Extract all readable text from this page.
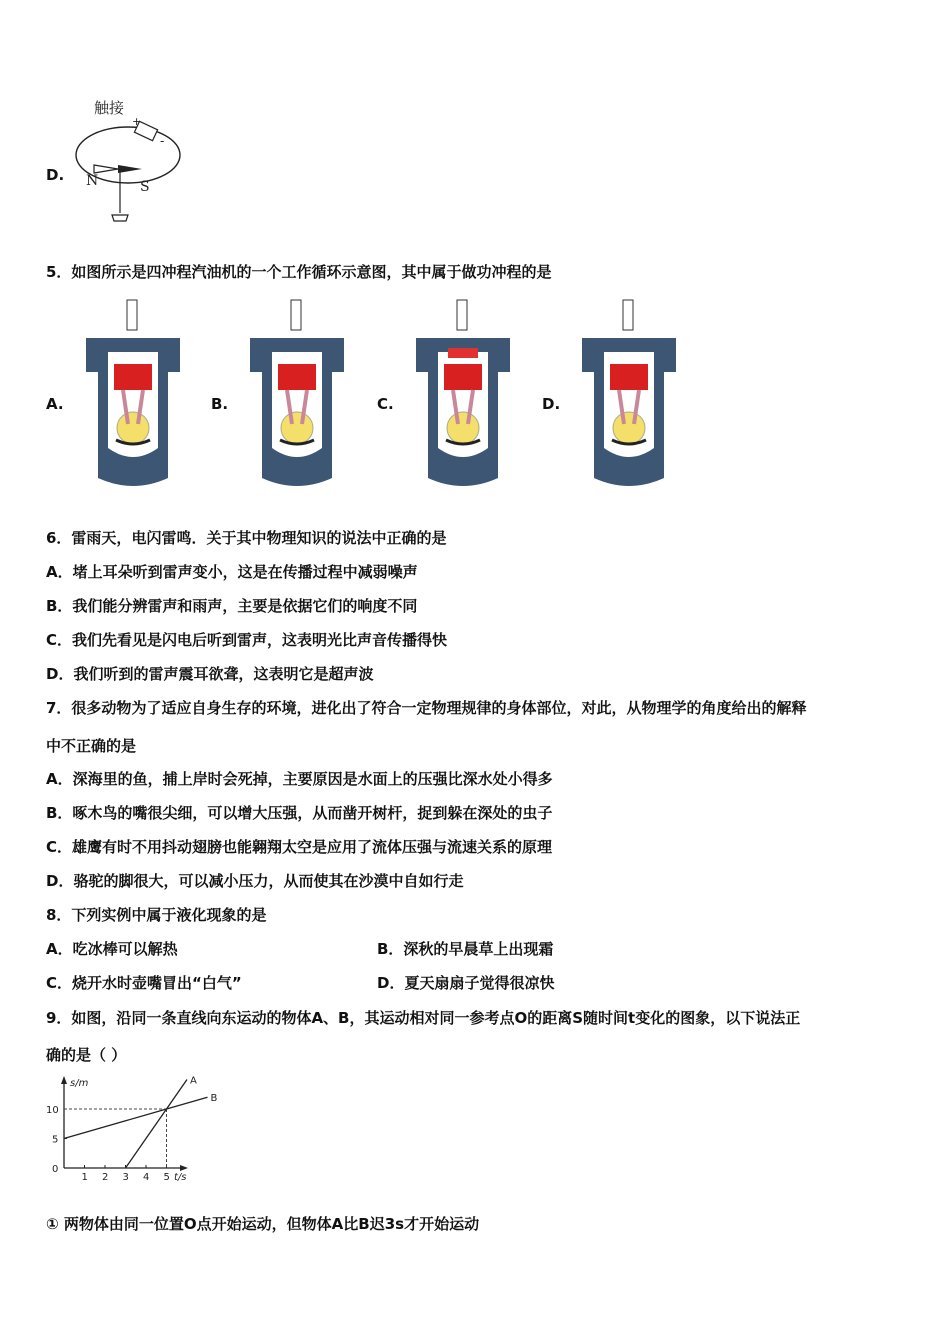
D.
触接
+
-
N	S
5．如图所示是四冲程汽油机的一个工作循环示意图，其中属于做功冲程的是
A.	B.	C.	D.
6．雷雨天，电闪雷鸣．关于其中物理知识的说法中正确的是
A．堵上耳朵听到雷声变小，这是在传播过程中减弱噪声
B．我们能分辨雷声和雨声，主要是依据它们的响度不同
C．我们先看见是闪电后听到雷声，这表明光比声音传播得快
D．我们听到的雷声震耳欲聋，这表明它是超声波
7．很多动物为了适应自身生存的环境，进化出了符合一定物理规律的身体部位，对此，从物理学的角度给出的解释
中不正确的是
A．深海里的鱼，捕上岸时会死掉，主要原因是水面上的压强比深水处小得多
B．啄木鸟的嘴很尖细，可以增大压强，从而凿开树杆，捉到躲在深处的虫子
C．雄鹰有时不用抖动翅膀也能翱翔太空是应用了流体压强与流速关系的原理
D．骆驼的脚很大，可以减小压力，从而使其在沙漠中自如行走
8．下列实例中属于液化现象的是
A．吃冰棒可以解热	B．深秋的早晨草上出现霜
C．烧开水时壶嘴冒出“白气”	D．夏天扇扇子觉得很凉快
9．如图，沿同一条直线向东运动的物体A、B，其运动相对同一参考点O的距离S随时间t变化的图象，以下说法正
确的是（ ）
t/s
s/m
1 2 3 4 5
0
5
10
A
B
① 两物体由同一位置O点开始运动，但物体A比B迟3s才开始运动
